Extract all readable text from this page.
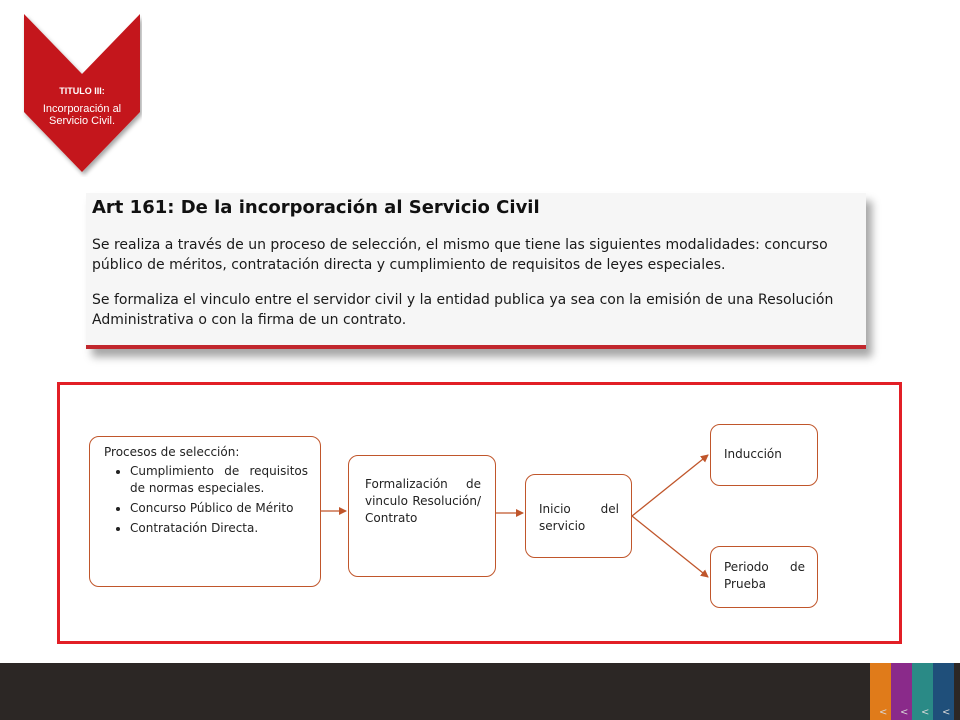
TITULO III:
Incorporación al Servicio Civil.
Art 161: De la incorporación al Servicio Civil
Se realiza a través de un proceso de selección, el mismo que tiene las siguientes modalidades: concurso público de méritos, contratación directa y cumplimiento de requisitos de leyes especiales.
Se formaliza el vinculo entre el servidor civil y la entidad publica ya sea con la emisión de una Resolución Administrativa o con la firma de un contrato.
Procesos de selección:
• Cumplimiento de requisitos de normas especiales.
• Concurso Público de Mérito
• Contratación Directa.
Formalización de vinculo Resolución/ Contrato
Inicio del servicio
Inducción
Periodo de Prueba
< < < <
